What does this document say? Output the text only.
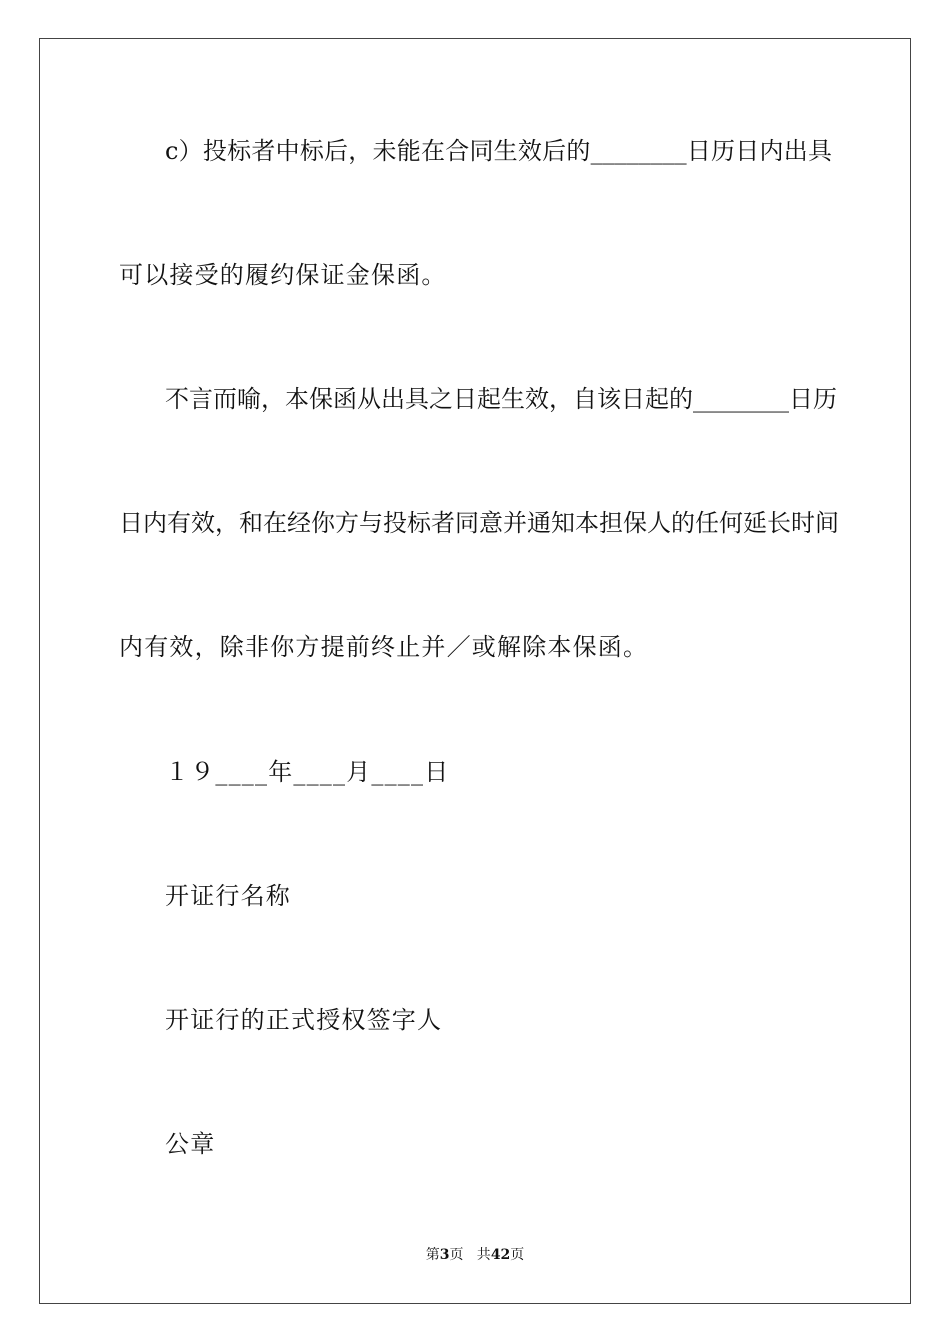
c）投标者中标后，未能在合同生效后的________日历日内出具
可以接受的履约保证金保函。
不言而喻，本保函从出具之日起生效，自该日起的________日历
日内有效，和在经你方与投标者同意并通知本担保人的任何延长时间
内有效，除非你方提前终止并／或解除本保函。
１９____年____月____日
开证行名称
开证行的正式授权签字人
公章
第3页   共42页
